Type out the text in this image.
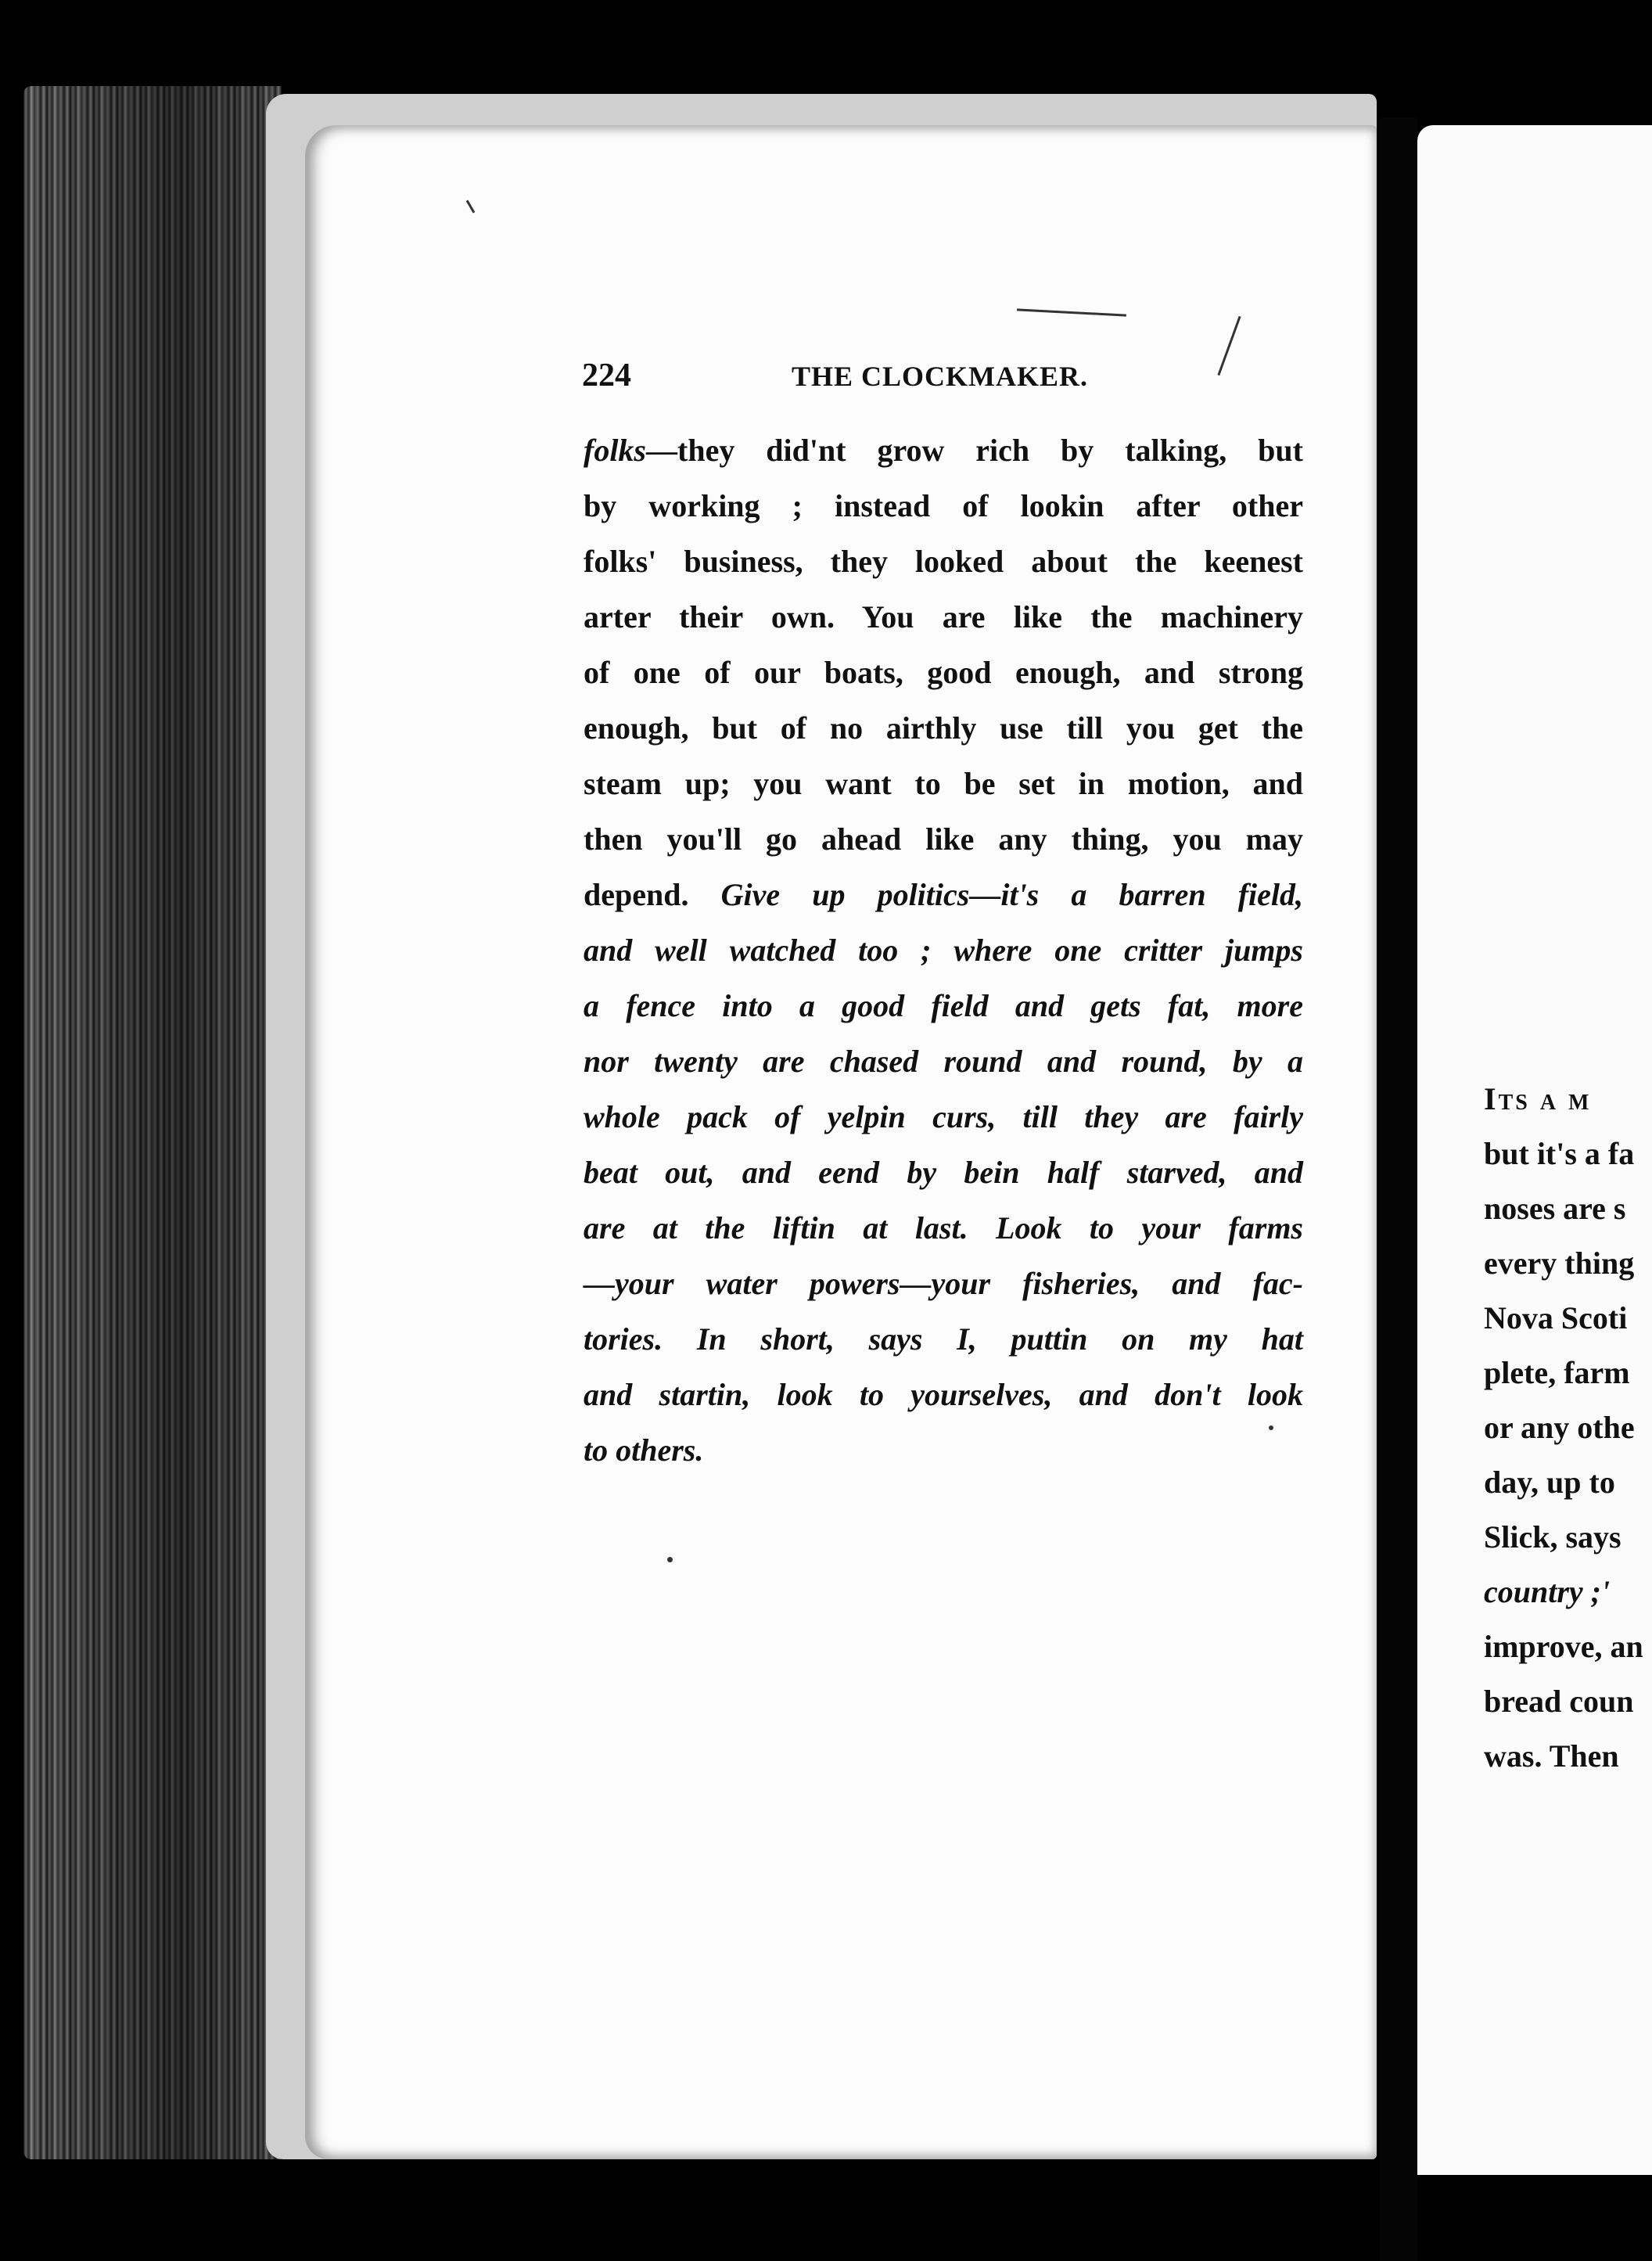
224	THE CLOCKMAKER.
folks—they did'nt grow rich by talking, but
by working ; instead of lookin after other
folks' business, they looked about the keenest
arter their own. You are like the machinery
of one of our boats, good enough, and strong
enough, but of no airthly use till you get the
steam up; you want to be set in motion, and
then you'll go ahead like any thing, you may
depend. Give up politics—it's a barren field,
and well watched too ; where one critter jumps
a fence into a good field and gets fat, more
nor twenty are chased round and round, by a
whole pack of yelpin curs, till they are fairly
beat out, and eend by bein half starved, and
are at the liftin at last. Look to your farms
—your water powers—your fisheries, and fac-
tories. In short, says I, puttin on my hat
and startin, look to yourselves, and don't look
to others.
Its a m
but it's a fa
noses are s
every thing
Nova Scoti
plete, farm
or any othe
day, up to
Slick, says
country ;'
improve, an
bread coun
was. Then
